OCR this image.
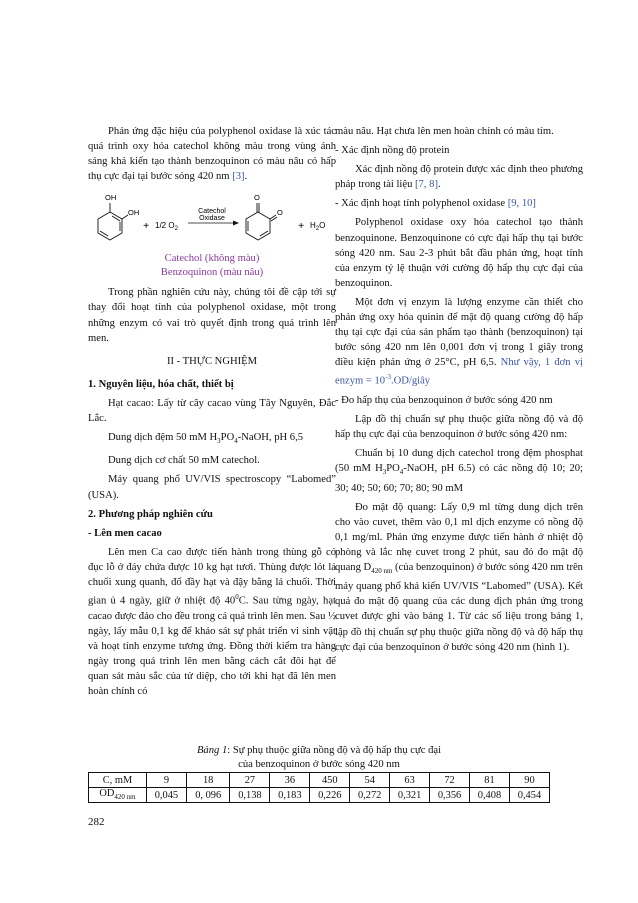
Phản ứng đặc hiệu của polyphenol oxidase là xúc tác quá trình oxy hóa catechol không màu trong vùng ánh sáng khả kiến tạo thành benzoquinon có màu nâu có hấp thụ cực đại tại bước sóng 420 nm [3].

OH
OH
+ 1/2 $O_2$
Catechol
Oxidase
O
O
+ $H_2O$
Catechol (không màu)
Benzoquinon (màu nâu)

Trong phần nghiên cứu này, chúng tôi đề cập tới sự thay đổi hoạt tính của polyphenol oxidase, một trong những enzym có vai trò quyết định trong quá trình lên men.

II - THỰC NGHIỆM

1. Nguyên liệu, hóa chất, thiết bị

Hạt cacao: Lấy từ cây cacao vùng Tây Nguyên, Đắc Lắc.

Dung dịch đệm 50 mM $H_3PO_4$-NaOH, pH 6,5

Dung dịch cơ chất 50 mM catechol.

Máy quang phổ UV/VIS spectroscopy “Labomed” (USA).

2. Phương pháp nghiên cứu

- Lên men cacao

Lên men Ca cao được tiến hành trong thùng gỗ có đục lỗ ở đáy chứa được 10 kg hạt tươi. Thùng được lót lá chuối xung quanh, đổ đầy hạt và đậy bằng lá chuối. Thời gian ủ 4 ngày, giữ ở nhiệt độ $40^0C$. Sau từng ngày, hạt cacao được đảo cho đều trong cả quá trình lên men. Sau ½ ngày, lấy mẫu 0,1 kg để khảo sát sự phát triển vi sinh vật và hoạt tính enzyme tương ứng. Đồng thời kiểm tra hàng ngày trong quá trình lên men bằng cách cắt đôi hạt để quan sát màu sắc của tử diệp, cho tới khi hạt đã lên men hoàn chỉnh có

màu nâu. Hạt chưa lên men hoàn chỉnh có màu tím.

- Xác định nồng độ protein

Xác định nồng độ protein được xác định theo phương pháp trong tài liệu [7, 8].

- Xác định hoạt tính polyphenol oxidase [9, 10]

Polyphenol oxidase oxy hóa catechol tạo thành benzoquinone. Benzoquinone có cực đại hấp thụ tại bước sóng 420 nm. Sau 2-3 phút bắt đầu phản ứng, hoạt tính của enzym tỷ lệ thuận với cường độ hấp thụ cực đại của benzoquinon.

Một đơn vị enzym là lượng enzyme cần thiết cho phản ứng oxy hóa quinin để mật độ quang cường độ hấp thụ tại cực đại của sản phẩm tạo thành (benzoquinon) tại bước sóng 420 nm lên 0,001 đơn vị trong 1 giây trong điều kiện phản ứng ở 25°C, pH 6,5. Như vậy, 1 đơn vị enzym = $10^{-3}.OD$/giây

- Đo hấp thụ của benzoquinon ở bước sóng 420 nm

Lập đồ thị chuẩn sự phụ thuộc giữa nồng độ và độ hấp thụ cực đại của benzoquinon ở bước sóng 420 nm:

Chuẩn bị 10 dung dịch catechol trong đệm phosphat (50 mM $H_3PO_4$-NaOH, pH 6.5) có các nồng độ 10; 20; 30; 40; 50; 60; 70; 80; 90 mM

Đo mật độ quang: Lấy 0,9 ml từng dung dịch trên cho vào cuvet, thêm vào 0,1 ml dịch enzyme có nồng độ 0,1 mg/ml. Phản ứng enzyme được tiến hành ở nhiệt độ phòng và lắc nhẹ cuvet trong 2 phút, sau đó đo mật độ quang $D_{420 nm}$ (của benzoquinon) ở bước sóng 420 nm trên máy quang phổ khả kiến UV/VIS “Labomed” (USA). Kết quả đo mật độ quang của các dung dịch phản ứng trong cuvet được ghi vào bảng 1. Từ các số liệu trong bảng 1, lập đồ thị chuẩn sự phụ thuộc giữa nồng độ và độ hấp thụ cực đại của benzoquinon ở bước sóng 420 nm (hình 1).

Bảng 1: Sự phụ thuộc giữa nồng độ và độ hấp thụ cực đại
của benzoquinon ở bước sóng 420 nm
C, mM	9	18	27	36	450	54	63	72	81	90
$OD_{420 nm}$	0,045	0, 096	0,138	0,183	0,226	0,272	0,321	0,356	0,408	0,454
282
